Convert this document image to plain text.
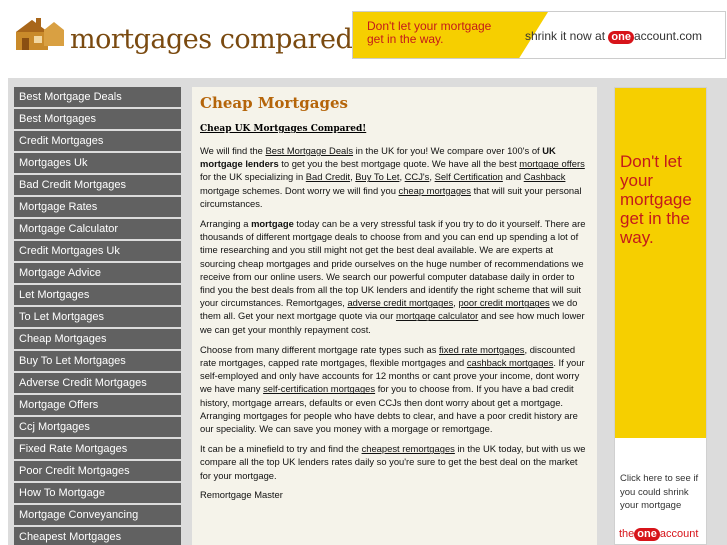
mortgages compared Don't let your mortgage get in the way.	shrink it now at one account.com
Best Mortgage Deals
Best Mortgages
Credit Mortgages
Mortgages Uk
Bad Credit Mortgages
Mortgage Rates
Mortgage Calculator
Credit Mortgages Uk
Mortgage Advice
Let Mortgages
To Let Mortgages
Cheap Mortgages
Buy To Let Mortgages
Adverse Credit Mortgages
Mortgage Offers
Ccj Mortgages
Fixed Rate Mortgages
Poor Credit Mortgages
How To Mortgage
Mortgage Conveyancing
Cheapest Mortgages
Cheap Mortgages
Cheap UK Mortgages Compared!

We will find the Best Mortgage Deals in the UK for you! We compare over 100's of UK mortgage lenders to get you the best mortgage quote. We have all the best mortgage offers for the UK specializing in Bad Credit, Buy To Let, CCJ's, Self Certification and Cashback mortgage schemes. Dont worry we will find you cheap mortgages that will suit your personal circumstances.

Arranging a mortgage today can be a very stressful task if you try to do it yourself. There are thousands of different mortgage deals to choose from and you can end up spending a lot of time researching and you still might not get the best deal available. We are experts at sourcing cheap mortgages and pride ourselves on the huge number of recommendations we receive from our online users. We search our powerful computer database daily in order to find you the best deals from all the top UK lenders and identify the right scheme that will suit your circumstances. Remortgages, adverse credit mortgages, poor credit mortgages we do them all. Get your next mortgage quote via our mortgage calculator and see how much lower we can get your monthly repayment cost.

Choose from many different mortgage rate types such as fixed rate mortgages, discounted rate mortgages, capped rate mortgages, flexible mortgages and cashback mortgages. If your self-employed and only have accounts for 12 months or cant prove your income, dont worry we have many self-certification mortgages for you to choose from. If you have a bad credit history, mortgage arrears, defaults or even CCJs then dont worry about get a mortgage. Arranging mortgages for people who have debts to clear, and have a poor credit history are our speciality. We can save you money with a morgage or remortgage.

It can be a minefield to try and find the cheapest remortgages in the UK today, but with us we compare all the top UK lenders rates daily so you're sure to get the best deal on the market for your mortgage.

Remortgage Master
Don't let your mortgage get in the way.
Click here to see if you could shrink your mortgage
the one account
